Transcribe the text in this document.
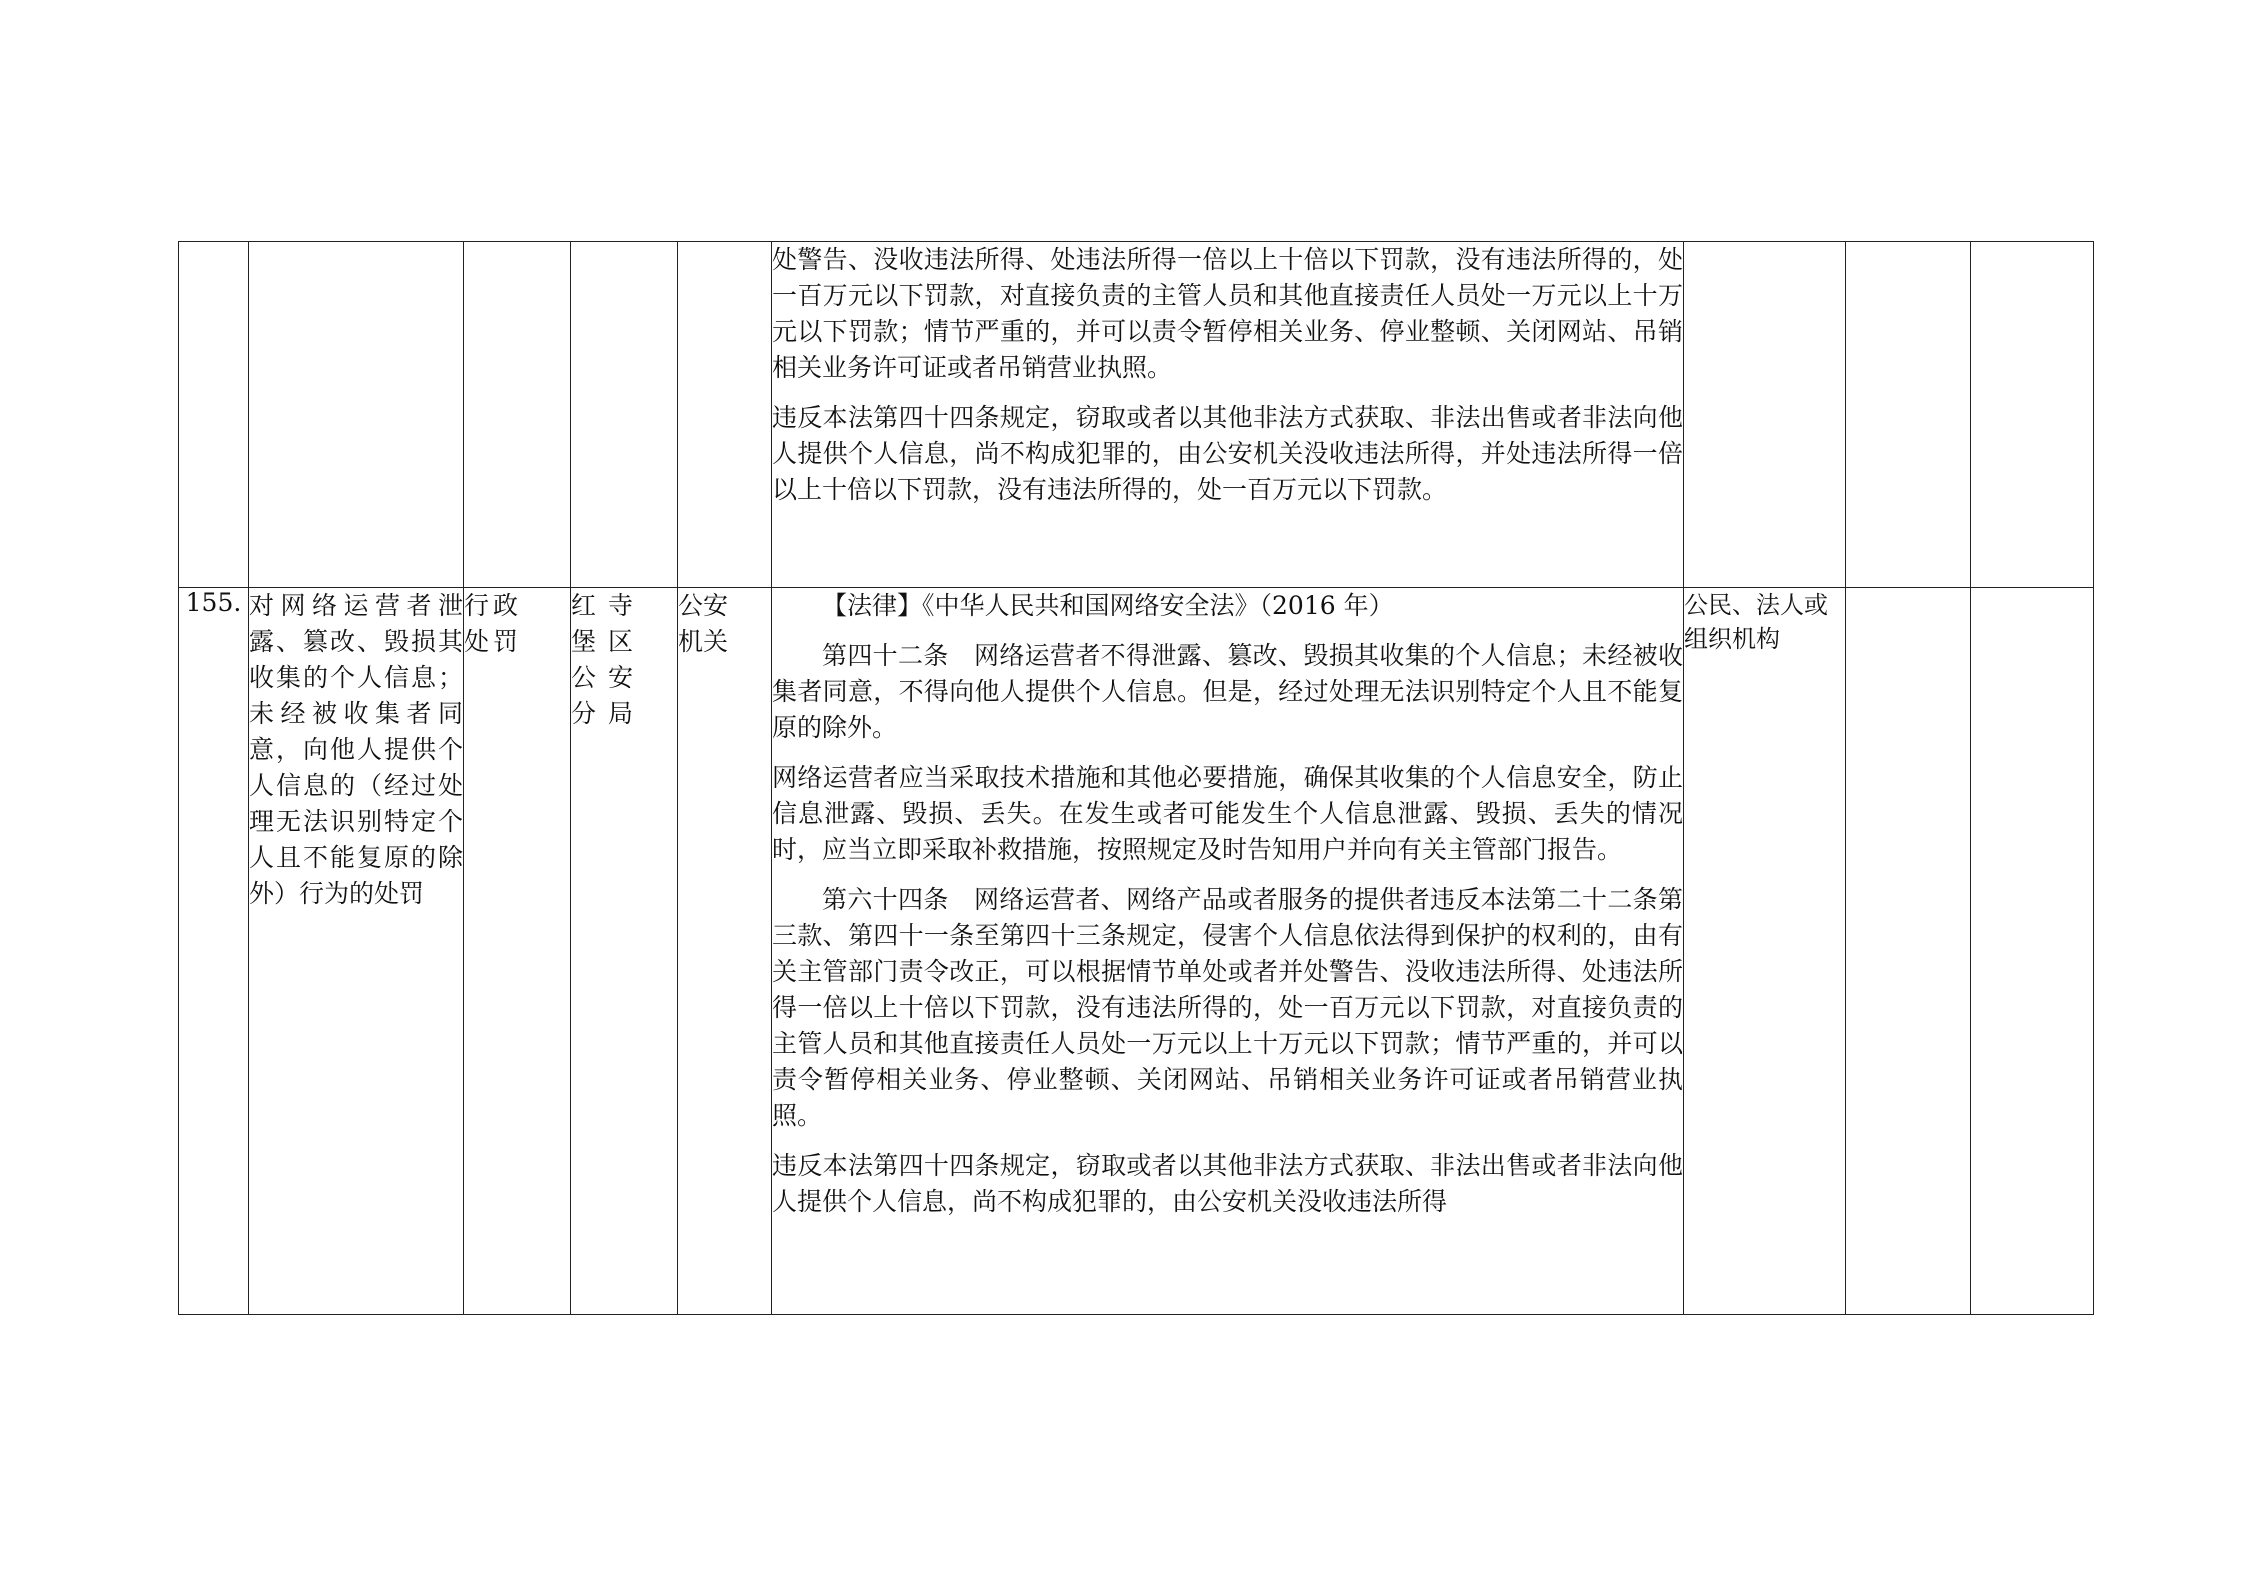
					处警告、没收违法所得、处违法所得一倍以上十倍以下罚款，没有违法所得的，处一百万元以下罚款，对直接负责的主管人员和其他直接责任人员处一万元以上十万元以下罚款；情节严重的，并可以责令暂停相关业务、停业整顿、关闭网站、吊销相关业务许可证或者吊销营业执照。

违反本法第四十四条规定，窃取或者以其他非法方式获取、非法出售或者非法向他人提供个人信息，尚不构成犯罪的，由公安机关没收违法所得，并处违法所得一倍以上十倍以下罚款，没有违法所得的，处一百万元以下罚款。			

155.	对网络运营者泄露、篡改、毁损其收集的个人信息；未经被收集者同意，向他人提供个人信息的（经过处理无法识别特定个人且不能复原的除外）行为的处罚	行政处罚	红寺堡区公安分局	公安机关	【法律】《中华人民共和国网络安全法》（2016 年）

第四十二条　网络运营者不得泄露、篡改、毁损其收集的个人信息；未经被收集者同意，不得向他人提供个人信息。但是，经过处理无法识别特定个人且不能复原的除外。

网络运营者应当采取技术措施和其他必要措施，确保其收集的个人信息安全，防止信息泄露、毁损、丢失。在发生或者可能发生个人信息泄露、毁损、丢失的情况时，应当立即采取补救措施，按照规定及时告知用户并向有关主管部门报告。

第六十四条　网络运营者、网络产品或者服务的提供者违反本法第二十二条第三款、第四十一条至第四十三条规定，侵害个人信息依法得到保护的权利的，由有关主管部门责令改正，可以根据情节单处或者并处警告、没收违法所得、处违法所得一倍以上十倍以下罚款，没有违法所得的，处一百万元以下罚款，对直接负责的主管人员和其他直接责任人员处一万元以上十万元以下罚款；情节严重的，并可以责令暂停相关业务、停业整顿、关闭网站、吊销相关业务许可证或者吊销营业执照。

违反本法第四十四条规定，窃取或者以其他非法方式获取、非法出售或者非法向他人提供个人信息，尚不构成犯罪的，由公安机关没收违法所得	公民、法人或组织机构		
